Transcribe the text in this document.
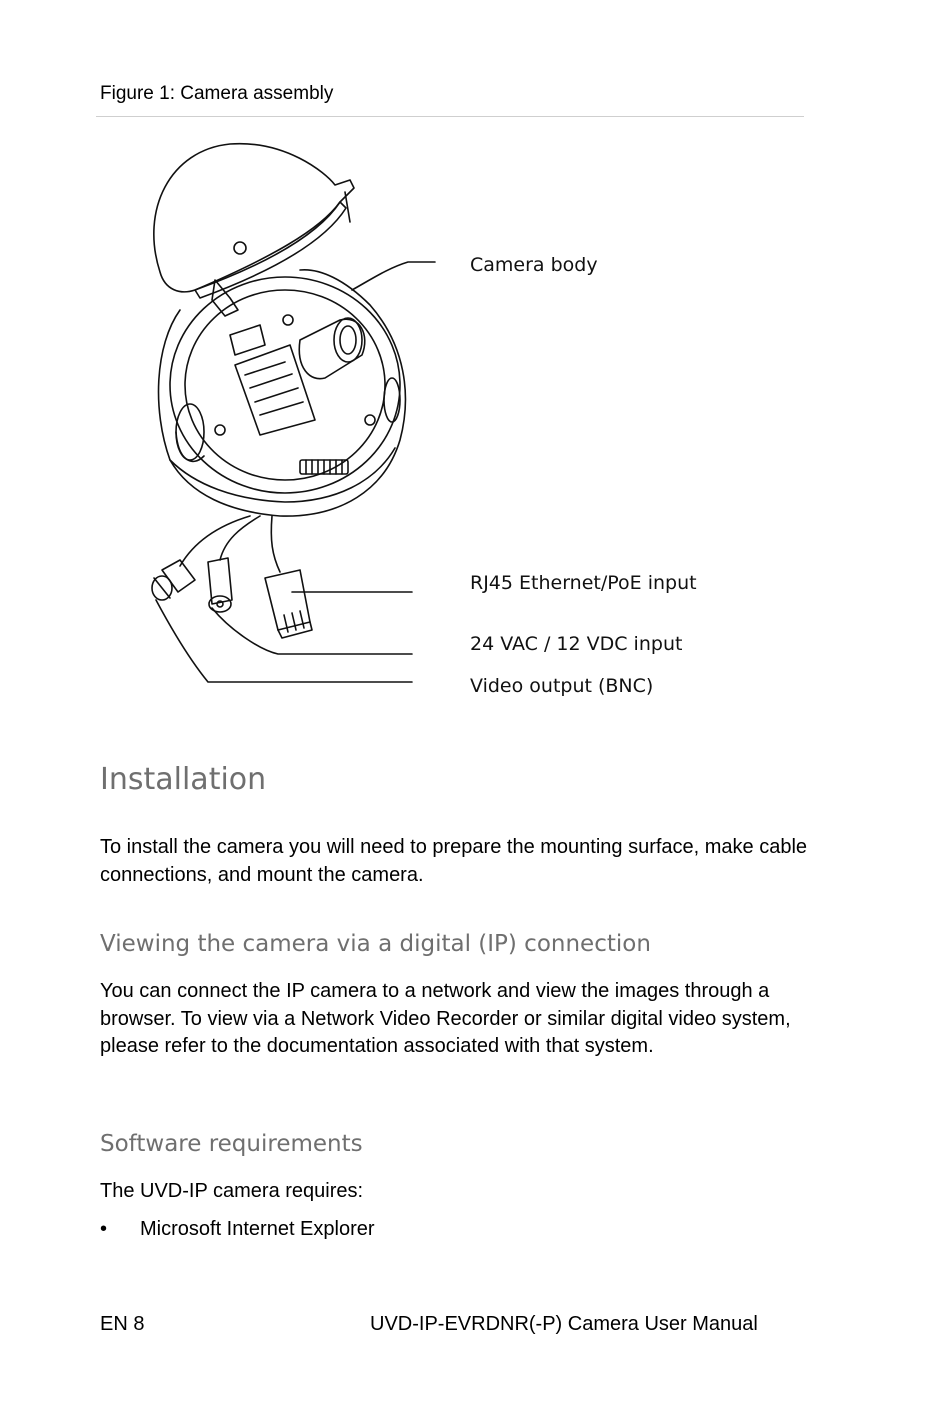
Figure 1: Camera assembly
Camera body
RJ45 Ethernet/PoE input
24 VAC / 12 VDC input
Video output (BNC)
Installation

To install the camera you will need to prepare the mounting surface, make cable connections, and mount the camera.

Viewing the camera via a digital (IP) connection

You can connect the IP camera to a network and view the images through a browser. To view via a Network Video Recorder or similar digital video system, please refer to the documentation associated with that system.

Software requirements

The UVD-IP camera requires:

• Microsoft Internet Explorer
EN 8	UVD-IP-EVRDNR(-P) Camera User Manual
